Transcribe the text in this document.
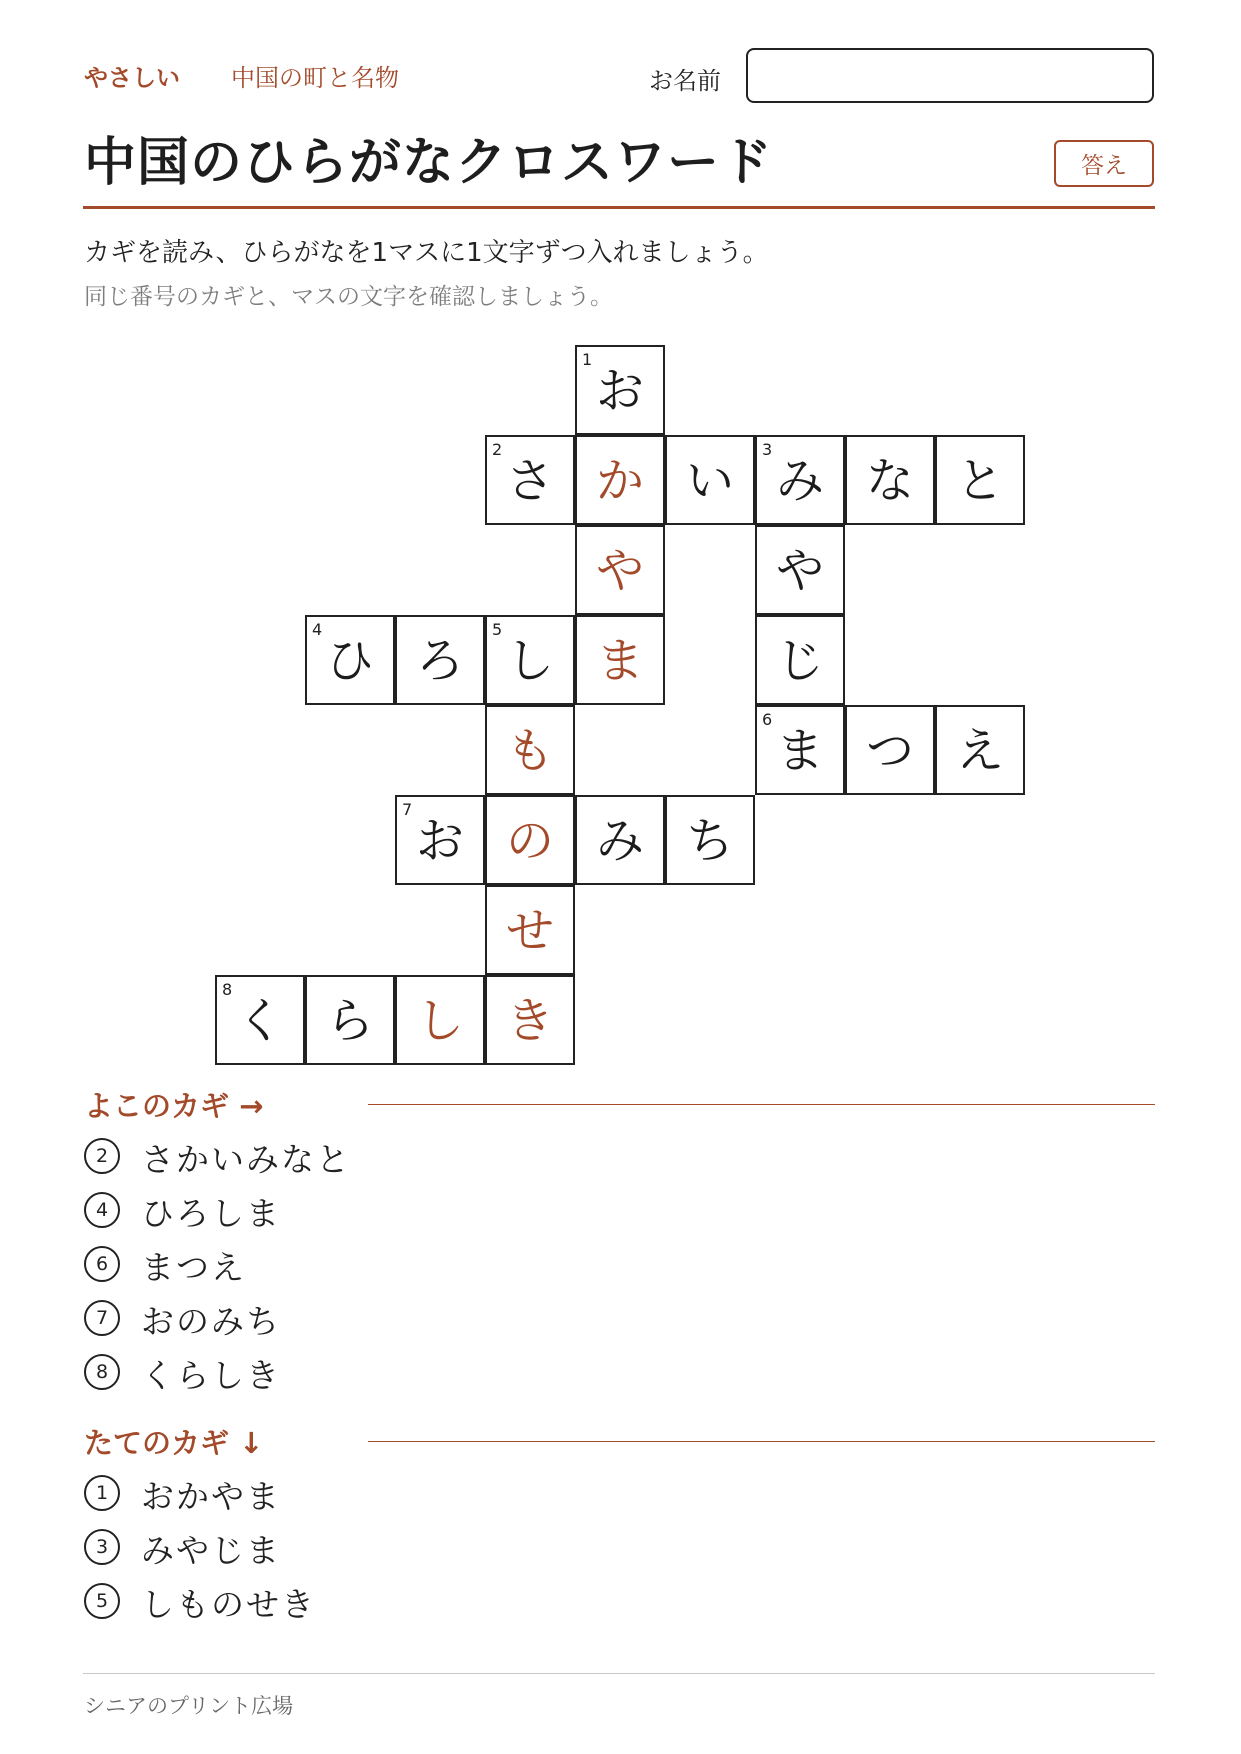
やさしい 中国の町と名物	お名前
中国のひらがなクロスワード	答え
カギを読み、ひらがなを1マスに1文字ずつ入れましょう。
同じ番号のカギと、マスの文字を確認しましょう。
1
お
2
さ か い
3
み な と
や	や
4
ひ ろ
5
し ま	じ
も
6
ま つ え
7
お の み ち
せ
8
く ら し き
よこのカギ →
2 さかいみなと
4 ひろしま
6 まつえ
7 おのみち
8 くらしき
たてのカギ ↓
1 おかやま
3 みやじま
5 しものせき
シニアのプリント広場
